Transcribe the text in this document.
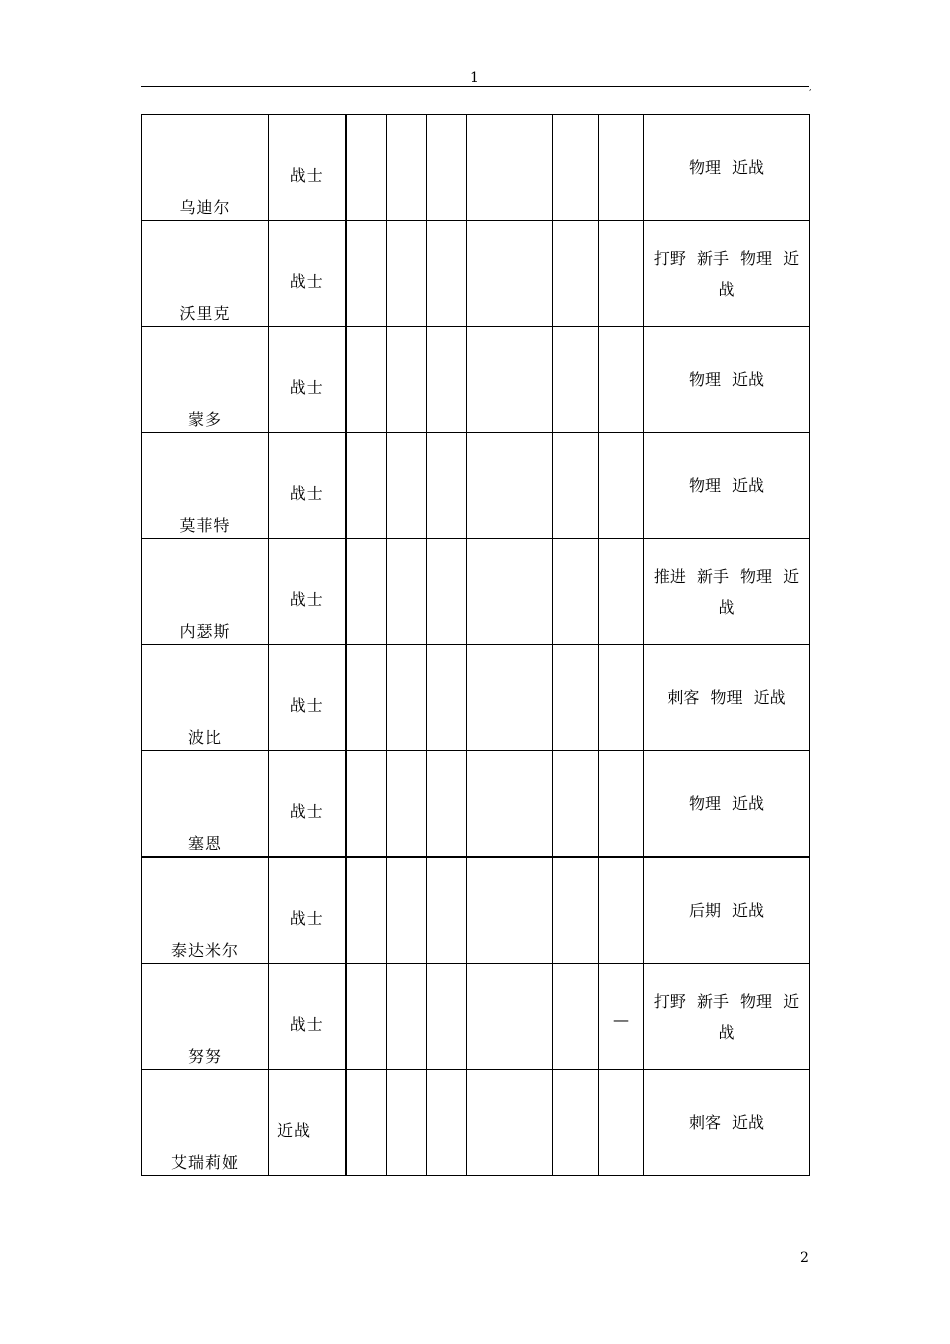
1
,
乌迪尔	战士							物理 近战

沃里克	战士							打野 新手 物理 近战

蒙多	战士							物理 近战

莫菲特	战士							物理 近战

内瑟斯	战士							推进 新手 物理 近战

波比	战士							刺客 物理 近战

塞恩	战士							物理 近战

泰达米尔	战士							后期 近战

努努	战士						—	打野 新手 物理 近战

艾瑞莉娅	近战							刺客 近战
2
